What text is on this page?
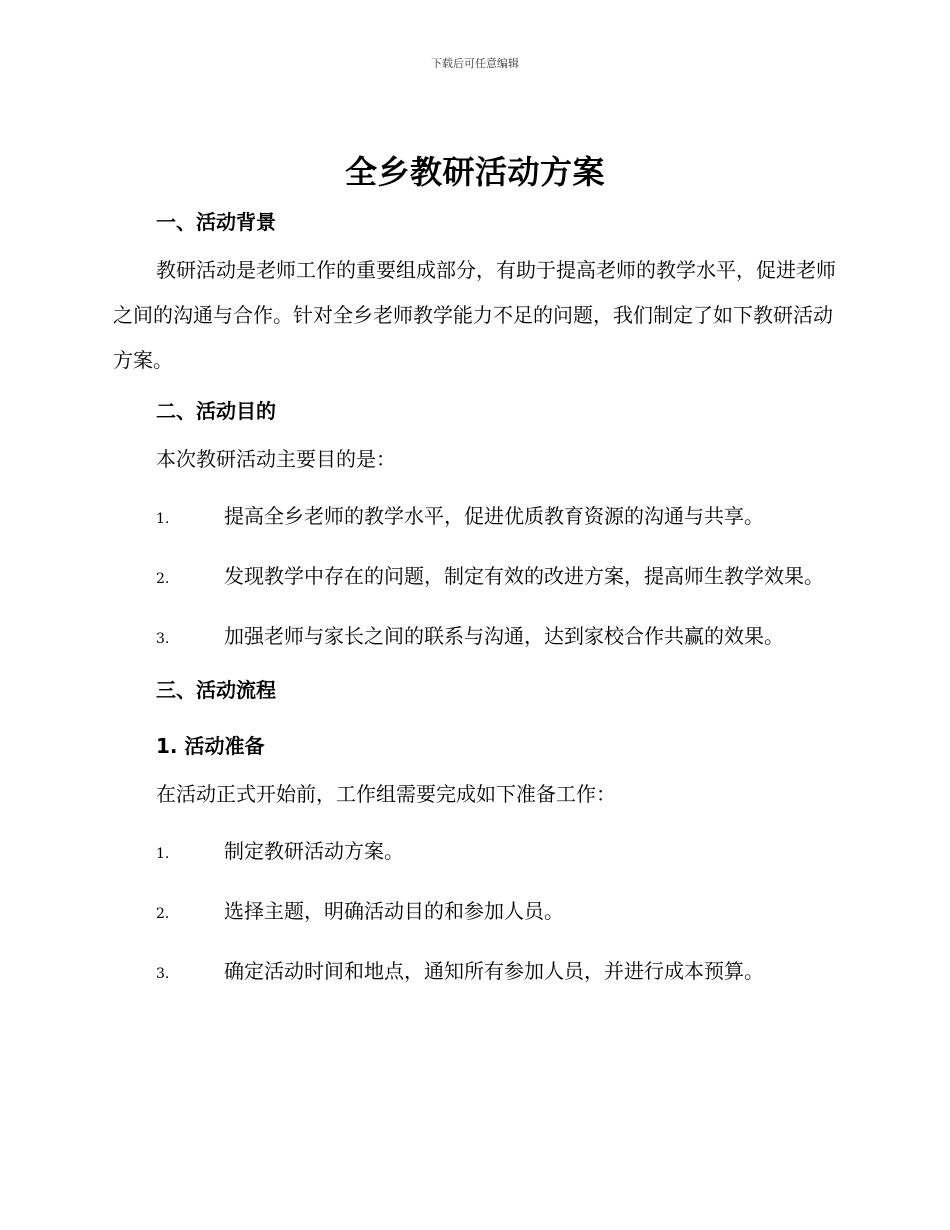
下载后可任意编辑
全乡教研活动方案
一、活动背景

教研活动是老师工作的重要组成部分，有助于提高老师的教学水平，促进老师之间的沟通与合作。针对全乡老师教学能力不足的问题，我们制定了如下教研活动方案。

二、活动目的

本次教研活动主要目的是：

1.	提高全乡老师的教学水平，促进优质教育资源的沟通与共享。

2.	发现教学中存在的问题，制定有效的改进方案，提高师生教学效果。

3.	加强老师与家长之间的联系与沟通，达到家校合作共赢的效果。

三、活动流程
1. 活动准备

在活动正式开始前，工作组需要完成如下准备工作：

1.	制定教研活动方案。

2.	选择主题，明确活动目的和参加人员。

3.	确定活动时间和地点，通知所有参加人员，并进行成本预算。
